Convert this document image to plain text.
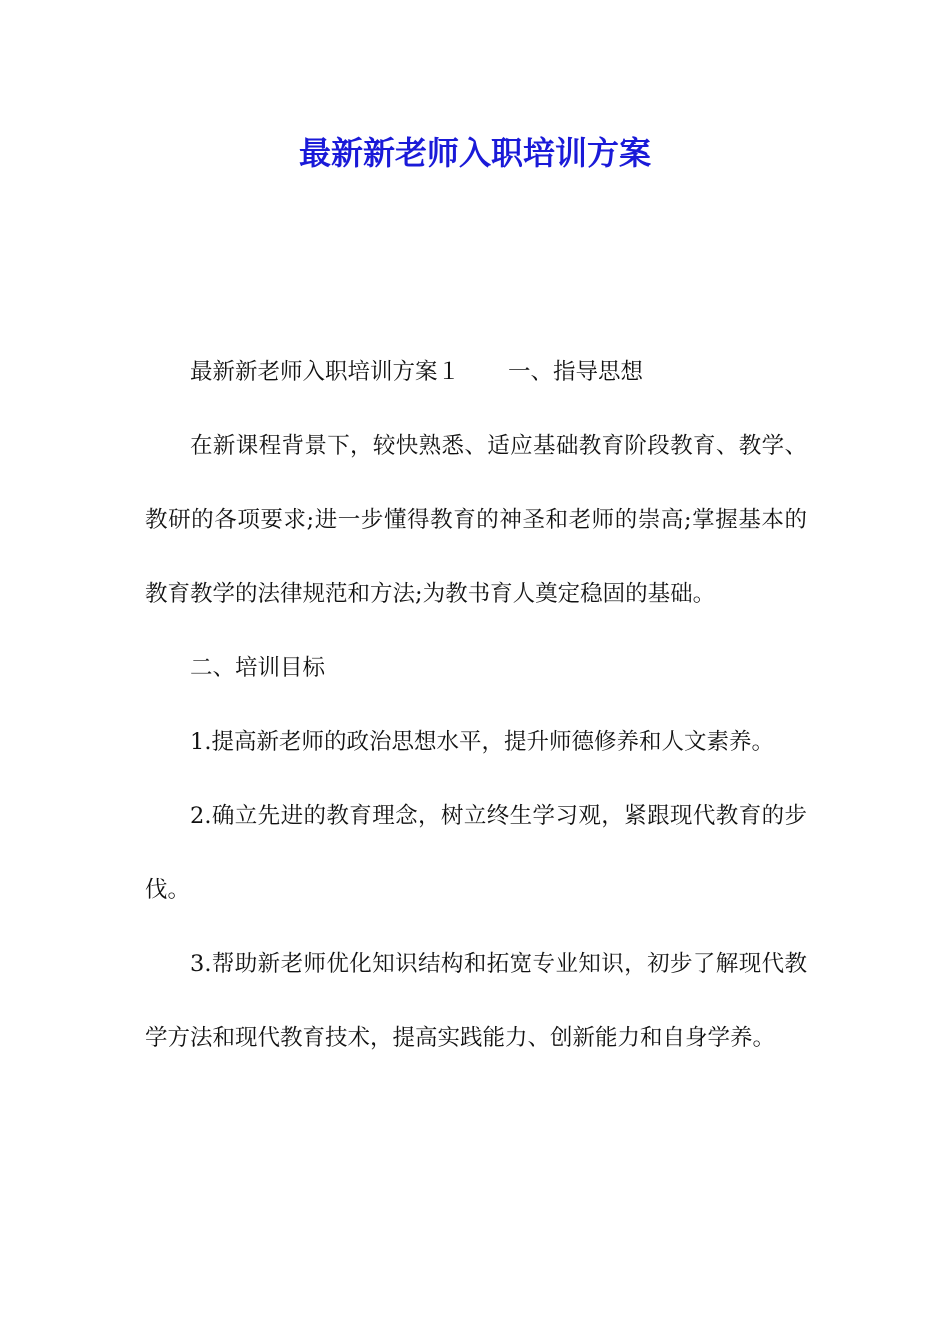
最新新老师入职培训方案

最新新老师入职培训方案１ 一、指导思想

在新课程背景下，较快熟悉、适应基础教育阶段教育、教学、教研的各项要求;进一步懂得教育的神圣和老师的崇高;掌握基本的教育教学的法律规范和方法;为教书育人奠定稳固的基础。

二、培训目标

1.提高新老师的政治思想水平，提升师德修养和人文素养。

2.确立先进的教育理念，树立终生学习观，紧跟现代教育的步伐。

3.帮助新老师优化知识结构和拓宽专业知识，初步了解现代教学方法和现代教育技术，提高实践能力、创新能力和自身学养。
